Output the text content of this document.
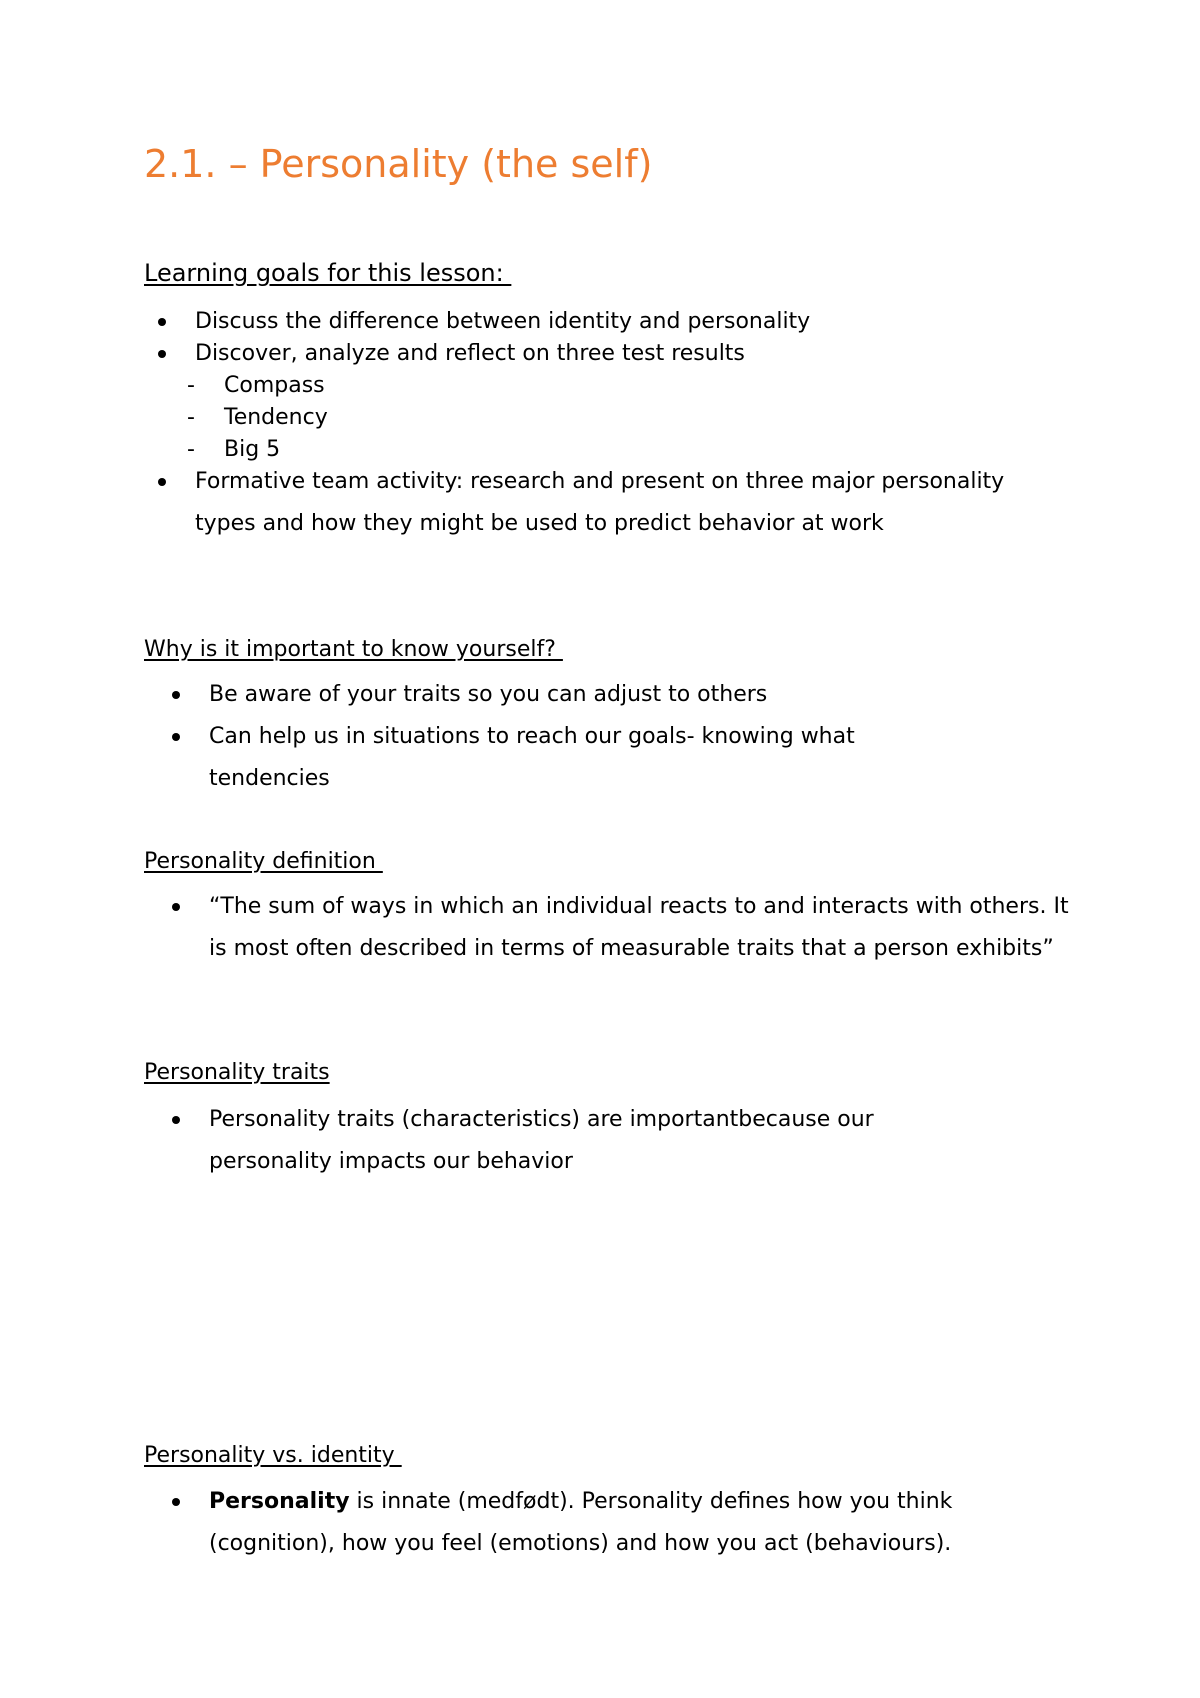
2.1. – Personality (the self)
Learning goals for this lesson:
Discuss the difference between identity and personality
Discover, analyze and reflect on three test results
- Compass
- Tendency
- Big 5
Formative team activity: research and present on three major personality types and how they might be used to predict behavior at work
Why is it important to know yourself?
Be aware of your traits so you can adjust to others
Can help us in situations to reach our goals- knowing what tendencies
Personality definition
“The sum of ways in which an individual reacts to and interacts with others. It is most often described in terms of measurable traits that a person exhibits”
Personality traits
Personality traits (characteristics) are importantbecause our personality impacts our behavior
Personality vs. identity
Personality is innate (medfødt). Personality defines how you think (cognition), how you feel (emotions) and how you act (behaviours).
